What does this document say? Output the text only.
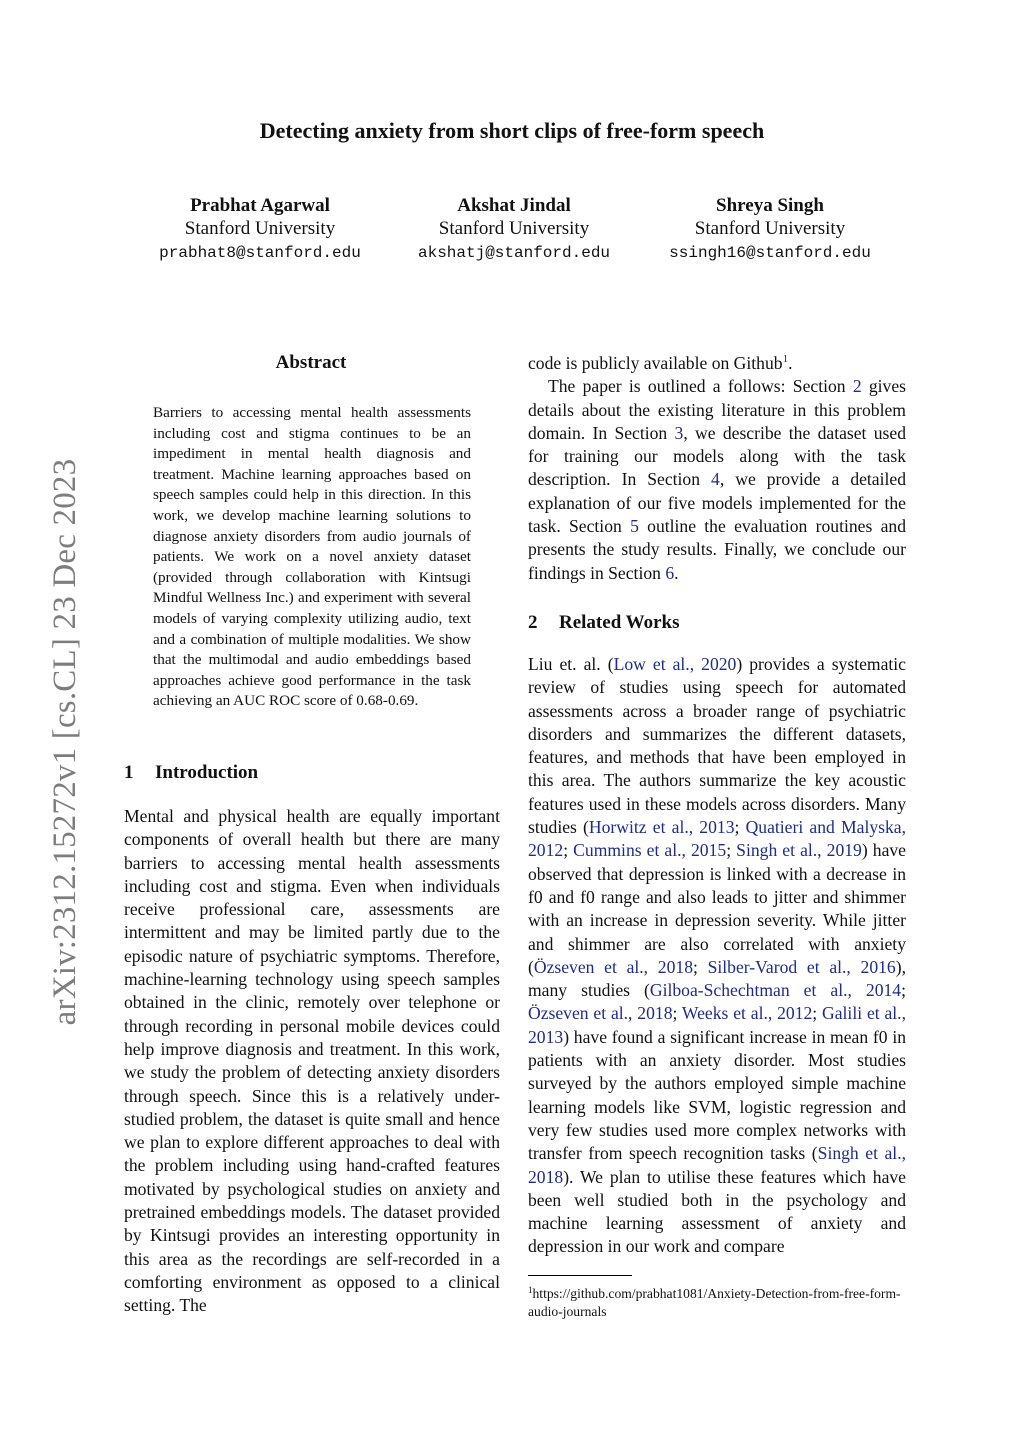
Detecting anxiety from short clips of free-form speech
Prabhat Agarwal
Stanford University
prabhat8@stanford.edu
Akshat Jindal
Stanford University
akshatj@stanford.edu
Shreya Singh
Stanford University
ssingh16@stanford.edu
arXiv:2312.15272v1 [cs.CL] 23 Dec 2023
Abstract
Barriers to accessing mental health assessments including cost and stigma continues to be an impediment in mental health diagnosis and treatment. Machine learning approaches based on speech samples could help in this direction. In this work, we develop machine learning solutions to diagnose anxiety disorders from audio journals of patients. We work on a novel anxiety dataset (provided through collaboration with Kintsugi Mindful Wellness Inc.) and experiment with several models of varying complexity utilizing audio, text and a combination of multiple modalities. We show that the multimodal and audio embeddings based approaches achieve good performance in the task achieving an AUC ROC score of 0.68-0.69.
1 Introduction

Mental and physical health are equally important components of overall health but there are many barriers to accessing mental health assessments including cost and stigma. Even when individuals receive professional care, assessments are intermittent and may be limited partly due to the episodic nature of psychiatric symptoms. Therefore, machine-learning technology using speech samples obtained in the clinic, remotely over telephone or through recording in personal mobile devices could help improve diagnosis and treatment. In this work, we study the problem of detecting anxiety disorders through speech. Since this is a relatively under-studied problem, the dataset is quite small and hence we plan to explore different approaches to deal with the problem including using hand-crafted features motivated by psychological studies on anxiety and pretrained embeddings models. The dataset provided by Kintsugi provides an interesting opportunity in this area as the recordings are self-recorded in a comforting environment as opposed to a clinical setting. The

code is publicly available on Github$^1$.

The paper is outlined a follows: Section 2 gives details about the existing literature in this problem domain. In Section 3, we describe the dataset used for training our models along with the task description. In Section 4, we provide a detailed explanation of our five models implemented for the task. Section 5 outline the evaluation routines and presents the study results. Finally, we conclude our findings in Section 6.

2 Related Works

Liu et. al. (Low et al., 2020) provides a systematic review of studies using speech for automated assessments across a broader range of psychiatric disorders and summarizes the different datasets, features, and methods that have been employed in this area. The authors summarize the key acoustic features used in these models across disorders. Many studies (Horwitz et al., 2013; Quatieri and Malyska, 2012; Cummins et al., 2015; Singh et al., 2019) have observed that depression is linked with a decrease in f0 and f0 range and also leads to jitter and shimmer with an increase in depression severity. While jitter and shimmer are also correlated with anxiety (Özseven et al., 2018; Silber-Varod et al., 2016), many studies (Gilboa-Schechtman et al., 2014; Özseven et al., 2018; Weeks et al., 2012; Galili et al., 2013) have found a significant increase in mean f0 in patients with an anxiety disorder. Most studies surveyed by the authors employed simple machine learning models like SVM, logistic regression and very few studies used more complex networks with transfer from speech recognition tasks (Singh et al., 2018). We plan to utilise these features which have been well studied both in the psychology and machine learning assessment of anxiety and depression in our work and compare

$^1$https://github.com/prabhat1081/Anxiety-Detection-from-free-form-audio-journals
